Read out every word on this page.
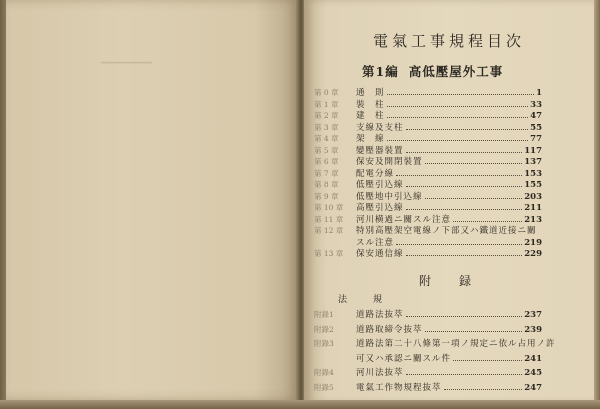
▔▔▔▔▔▔
電氣工事規程目次
第1編 高低壓屋外工事
第 0 章	通　則	1
第 1 章	裝　柱	33
第 2 章	建　柱	47
第 3 章	支線及支柱	55
第 4 章	架　線	77
第 5 章	變壓器裝置	117
第 6 章	保安及開閉裝置	137
第 7 章	配電分線	153
第 8 章	低壓引込線	155
第 9 章	低壓地中引込線	203
第 10 章	高壓引込線	211
第 11 章	河川横過ニ關スル注意	213
第 12 章	特別高壓架空電線ノ下部又ハ鐵道近接ニ關
スル注意	219
第 13 章	保安通信線	229
附　録
法	規
附錄1	道路法抜萃	237
附錄2	道路取締令抜萃	239
附錄3	道路法第二十八條第一項ノ規定ニ依ル占用ノ許
可又ハ承認ニ關スル件	241
附錄4	河川法抜萃	245
附錄5	電氣工作物規程抜萃	247
